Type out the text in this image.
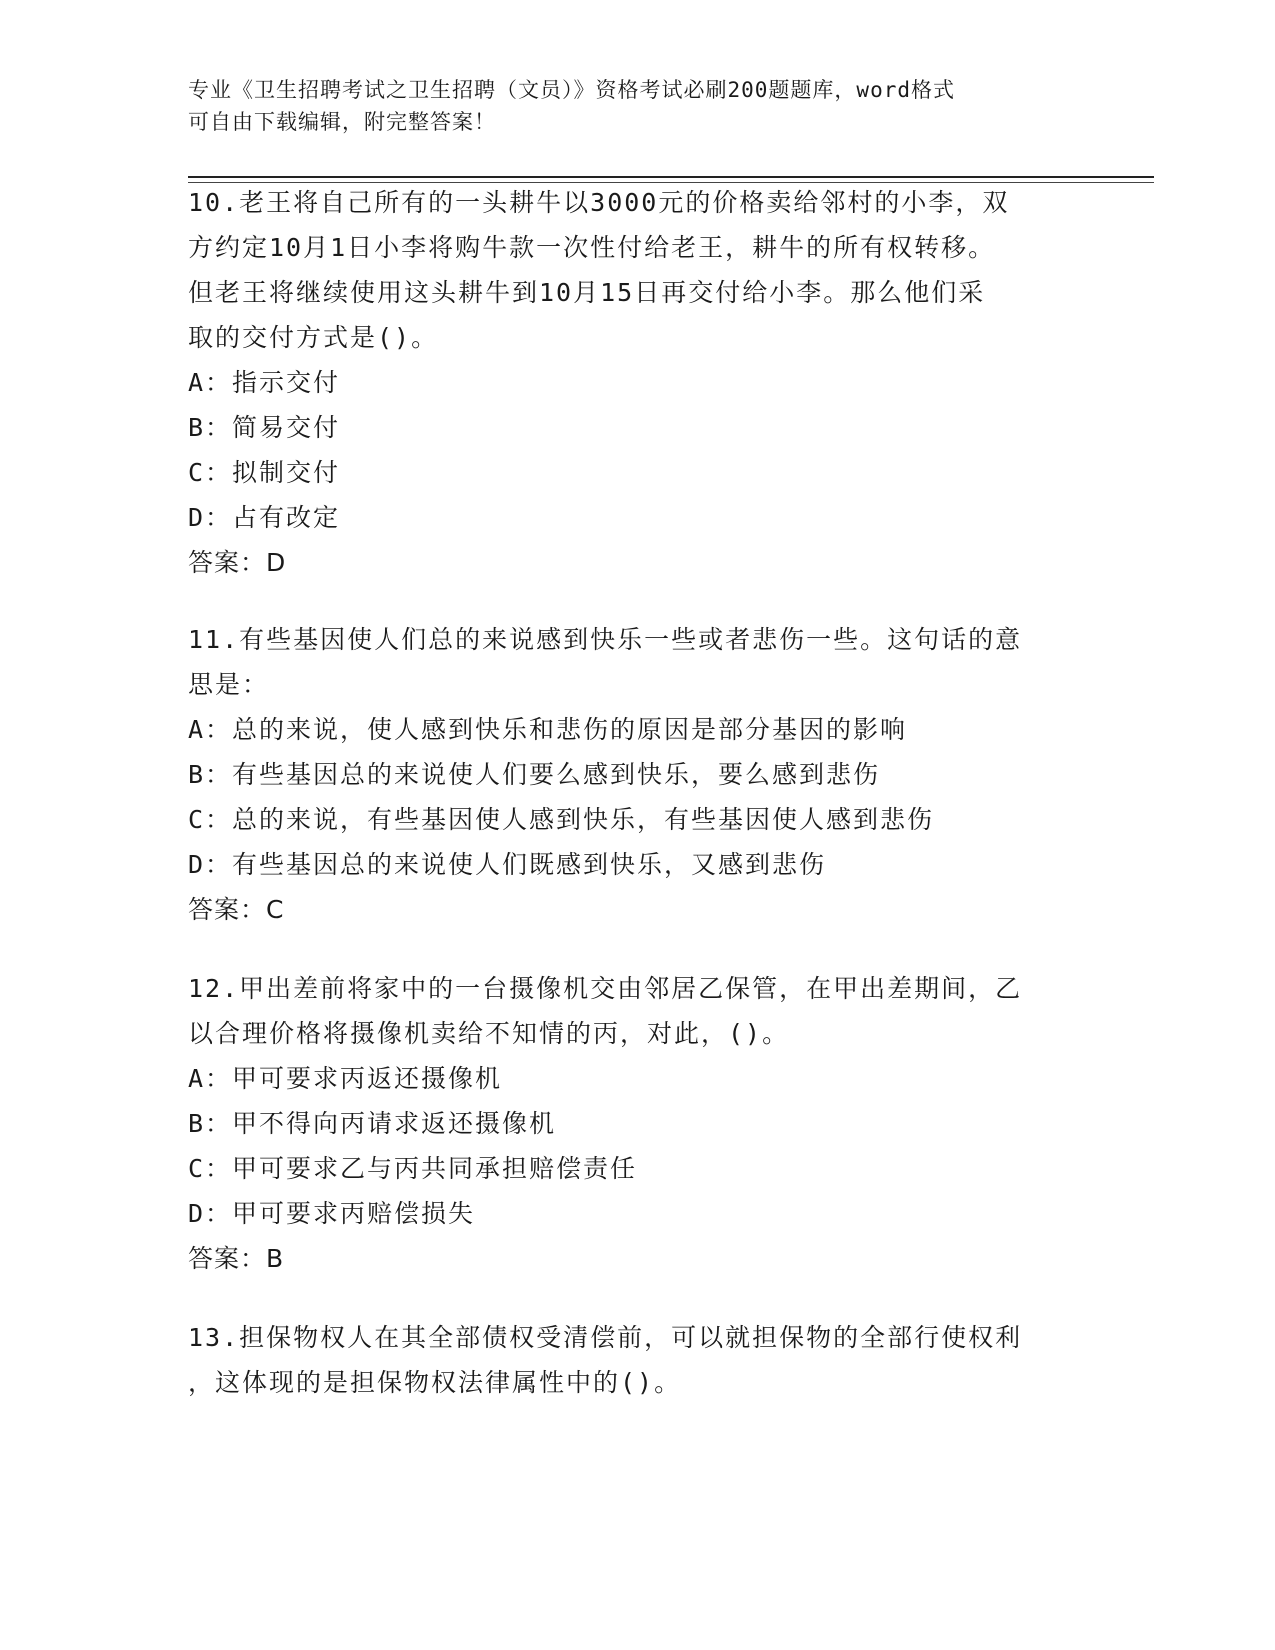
专业《卫生招聘考试之卫生招聘（文员）》资格考试必刷200题题库，word格式
可自由下载编辑，附完整答案！
10.老王将自己所有的一头耕牛以3000元的价格卖给邻村的小李，双
方约定10月1日小李将购牛款一次性付给老王，耕牛的所有权转移。
但老王将继续使用这头耕牛到10月15日再交付给小李。那么他们采
取的交付方式是()。
A：指示交付
B：简易交付
C：拟制交付
D：占有改定
答案：D
11.有些基因使人们总的来说感到快乐一些或者悲伤一些。这句话的意
思是：
A：总的来说，使人感到快乐和悲伤的原因是部分基因的影响
B：有些基因总的来说使人们要么感到快乐，要么感到悲伤
C：总的来说，有些基因使人感到快乐，有些基因使人感到悲伤
D：有些基因总的来说使人们既感到快乐，又感到悲伤
答案：C
12.甲出差前将家中的一台摄像机交由邻居乙保管，在甲出差期间，乙
以合理价格将摄像机卖给不知情的丙，对此，()。
A：甲可要求丙返还摄像机
B：甲不得向丙请求返还摄像机
C：甲可要求乙与丙共同承担赔偿责任
D：甲可要求丙赔偿损失
答案：B
13.担保物权人在其全部债权受清偿前，可以就担保物的全部行使权利
，这体现的是担保物权法律属性中的()。
